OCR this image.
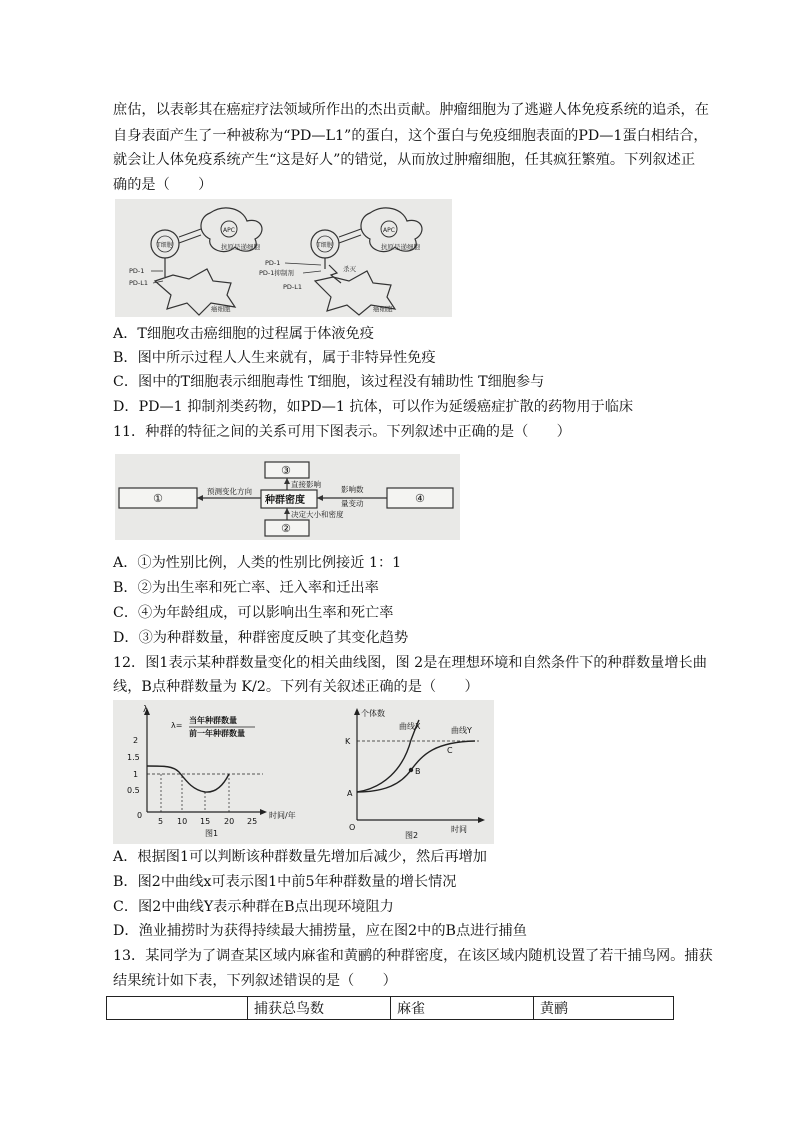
庶估，以表彰其在癌症疗法领域所作出的杰出贡献。肿瘤细胞为了逃避人体免疫系统的追杀，在
自身表面产生了一种被称为“PD—L1”的蛋白，这个蛋白与免疫细胞表面的PD—1蛋白相结合，
就会让人体免疫系统产生“这是好人”的错觉，从而放过肿瘤细胞，任其疯狂繁殖。下列叙述正
确的是（　　）
APC
抗原呈递细胞
T细胞
PD-1
PD-L1
癌细胞
APC
抗原呈递细胞
T细胞
杀灭
PD-1
PD-1抑制剂
PD-L1
癌细胞
A．T细胞攻击癌细胞的过程属于体液免疫
B．图中所示过程人人生来就有，属于非特异性免疫
C．图中的T细胞表示细胞毒性 T细胞，该过程没有辅助性 T细胞参与
D．PD—1 抑制剂类药物，如PD—1 抗体，可以作为延缓癌症扩散的药物用于临床
11．种群的特征之间的关系可用下图表示。下列叙述中正确的是（　　）
①
③
种群密度
②
④
预测变化方向
直接影响
影响数
量变动
决定大小和密度
A．①为性别比例，人类的性别比例接近 1：1
B．②为出生率和死亡率、迁入率和迁出率
C．④为年龄组成，可以影响出生率和死亡率
D．③为种群数量，种群密度反映了其变化趋势
12．图1表示某种群数量变化的相关曲线图，图 2是在理想环境和自然条件下的种群数量增长曲
线，B点种群数量为 K/2。下列有关叙述正确的是（　　）
λ
λ=
当年种群数量
前一年种群数量
2
1.5
1
0.5
0
5 10 15 20 25
时间/年
图1
个体数
K
曲线X	曲线Y
B
C
A
O	时间
图2
A．根据图1可以判断该种群数量先增加后减少，然后再增加
B．图2中曲线x可表示图1中前5年种群数量的增长情况
C．图2中曲线Y表示种群在B点出现环境阻力
D．渔业捕捞时为获得持续最大捕捞量，应在图2中的B点进行捕鱼
13．某同学为了调查某区域内麻雀和黄鹂的种群密度，在该区域内随机设置了若干捕鸟网。捕获
结果统计如下表，下列叙述错误的是（　　）
	捕获总鸟数	麻雀	黄鹂
